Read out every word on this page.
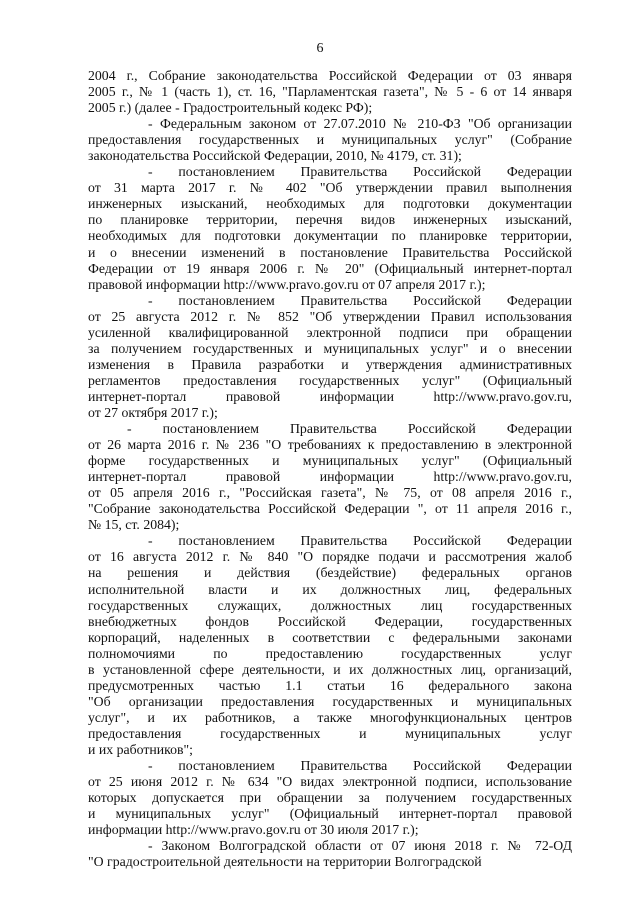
6
2004 г., Собрание законодательства Российской Федерации от 03 января
2005 г., № 1 (часть 1), ст. 16, "Парламентская газета", № 5 - 6 от 14 января
2005 г.) (далее - Градостроительный кодекс РФ);
- Федеральным законом от 27.07.2010 № 210-ФЗ "Об организации
предоставления государственных и муниципальных услуг" (Собрание
законодательства Российской Федерации, 2010, № 4179, ст. 31);
- постановлением Правительства Российской Федерации
от 31 марта 2017 г. № 402 "Об утверждении правил выполнения
инженерных изысканий, необходимых для подготовки документации
по планировке территории, перечня видов инженерных изысканий,
необходимых для подготовки документации по планировке территории,
и о внесении изменений в постановление Правительства Российской
Федерации от 19 января 2006 г. № 20" (Официальный интернет-портал
правовой информации http://www.pravo.gov.ru от 07 апреля 2017 г.);
- постановлением Правительства Российской Федерации
от 25 августа 2012 г. № 852 "Об утверждении Правил использования
усиленной квалифицированной электронной подписи при обращении
за получением государственных и муниципальных услуг" и о внесении
изменения в Правила разработки и утверждения административных
регламентов предоставления государственных услуг" (Официальный
интернет-портал правовой информации http://www.pravo.gov.ru,
от 27 октября 2017 г.);
- постановлением Правительства Российской Федерации
от 26 марта 2016 г. № 236 "О требованиях к предоставлению в электронной
форме государственных и муниципальных услуг" (Официальный
интернет-портал правовой информации http://www.pravo.gov.ru,
от 05 апреля 2016 г., "Российская газета", № 75, от 08 апреля 2016 г.,
"Собрание законодательства Российской Федерации ", от 11 апреля 2016 г.,
№ 15, ст. 2084);
- постановлением Правительства Российской Федерации
от 16 августа 2012 г. № 840 "О порядке подачи и рассмотрения жалоб
на решения и действия (бездействие) федеральных органов
исполнительной власти и их должностных лиц, федеральных
государственных служащих, должностных лиц государственных
внебюджетных фондов Российской Федерации, государственных
корпораций, наделенных в соответствии с федеральными законами
полномочиями по предоставлению государственных услуг
в установленной сфере деятельности, и их должностных лиц, организаций,
предусмотренных частью 1.1 статьи 16 федерального закона
"Об организации предоставления государственных и муниципальных
услуг", и их работников, а также многофункциональных центров
предоставления государственных и муниципальных услуг
и их работников";
- постановлением Правительства Российской Федерации
от 25 июня 2012 г. № 634 "О видах электронной подписи, использование
которых допускается при обращении за получением государственных
и муниципальных услуг" (Официальный интернет-портал правовой
информации http://www.pravo.gov.ru от 30 июля 2017 г.);
- Законом Волгоградской области от 07 июня 2018 г. № 72-ОД
"О градостроительной деятельности на территории Волгоградской
